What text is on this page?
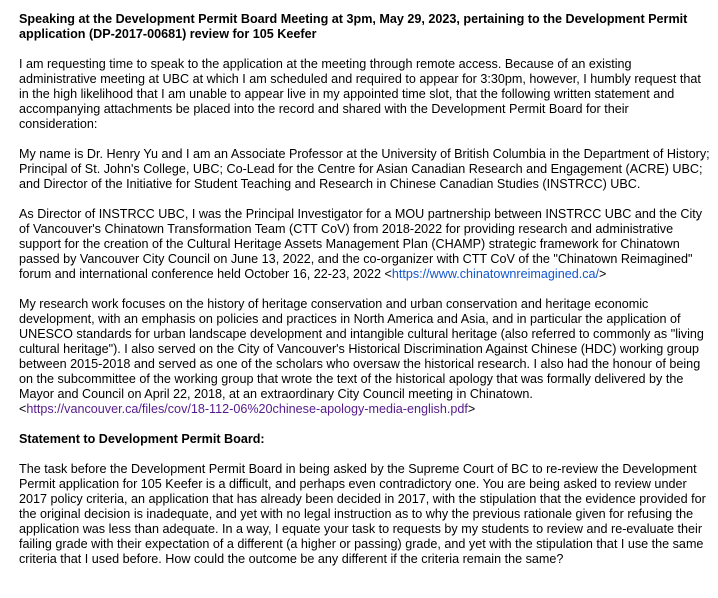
Speaking at the Development Permit Board Meeting at 3pm, May 29, 2023, pertaining to the Development Permit application (DP-2017-00681) review for 105 Keefer

I am requesting time to speak to the application at the meeting through remote access. Because of an existing administrative meeting at UBC at which I am scheduled and required to appear for 3:30pm, however, I humbly request that in the high likelihood that I am unable to appear live in my appointed time slot, that the following written statement and accompanying attachments be placed into the record and shared with the Development Permit Board for their consideration:

My name is Dr. Henry Yu and I am an Associate Professor at the University of British Columbia in the Department of History; Principal of St. John's College, UBC; Co-Lead for the Centre for Asian Canadian Research and Engagement (ACRE) UBC; and Director of the Initiative for Student Teaching and Research in Chinese Canadian Studies (INSTRCC) UBC.

As Director of INSTRCC UBC, I was the Principal Investigator for a MOU partnership between INSTRCC UBC and the City of Vancouver's Chinatown Transformation Team (CTT CoV) from 2018-2022 for providing research and administrative support for the creation of the Cultural Heritage Assets Management Plan (CHAMP) strategic framework for Chinatown passed by Vancouver City Council on June 13, 2022, and the co-organizer with CTT CoV of the "Chinatown Reimagined" forum and international conference held October 16, 22-23, 2022 <https://www.chinatownreimagined.ca/>

My research work focuses on the history of heritage conservation and urban conservation and heritage economic development, with an emphasis on policies and practices in North America and Asia, and in particular the application of UNESCO standards for urban landscape development and intangible cultural heritage (also referred to commonly as "living cultural heritage"). I also served on the City of Vancouver's Historical Discrimination Against Chinese (HDC) working group between 2015-2018 and served as one of the scholars who oversaw the historical research. I also had the honour of being on the subcommittee of the working group that wrote the text of the historical apology that was formally delivered by the Mayor and Council on April 22, 2018, at an extraordinary City Council meeting in Chinatown.
<https://vancouver.ca/files/cov/18-112-06%20chinese-apology-media-english.pdf>

Statement to Development Permit Board:

The task before the Development Permit Board in being asked by the Supreme Court of BC to re-review the Development Permit application for 105 Keefer is a difficult, and perhaps even contradictory one. You are being asked to review under 2017 policy criteria, an application that has already been decided in 2017, with the stipulation that the evidence provided for the original decision is inadequate, and yet with no legal instruction as to why the previous rationale given for refusing the application was less than adequate. In a way, I equate your task to requests by my students to review and re-evaluate their failing grade with their expectation of a different (a higher or passing) grade, and yet with the stipulation that I use the same criteria that I used before. How could the outcome be any different if the criteria remain the same?
